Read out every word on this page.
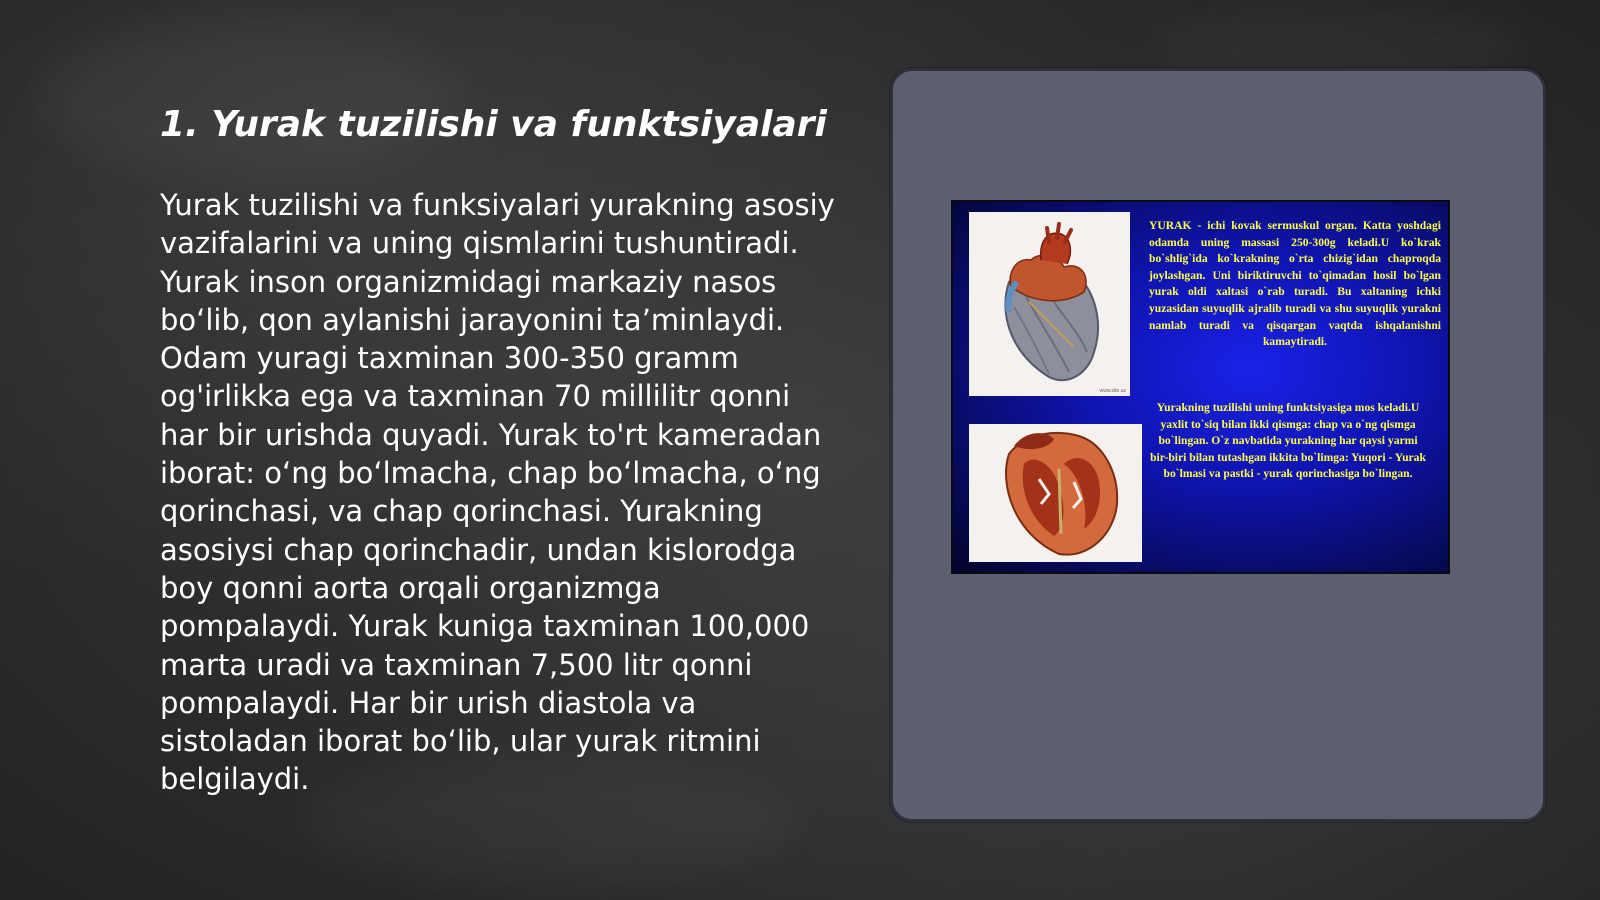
1. Yurak tuzilishi va funktsiyalari

Yurak tuzilishi va funksiyalari yurakning asosiy vazifalarini va uning qismlarini tushuntiradi. Yurak inson organizmidagi markaziy nasos bo‘lib, qon aylanishi jarayonini ta’minlaydi. Odam yuragi taxminan 300-350 gramm og'irlikka ega va taxminan 70 millilitr qonni har bir urishda quyadi. Yurak to'rt kameradan iborat: o‘ng bo‘lmacha, chap bo‘lmacha, o‘ng qorinchasi, va chap qorinchasi. Yurakning asosiysi chap qorinchadir, undan kislorodga boy qonni aorta orqali organizmga pompalaydi. Yurak kuniga taxminan 100,000 marta uradi va taxminan 7,500 litr qonni pompalaydi. Har bir urish diastola va sistoladan iborat bo‘lib, ular yurak ritmini belgilaydi.

www.site.uz

YURAK - ichi kovak sermuskul organ. Katta yoshdagi odamda uning massasi 250-300g keladi.U ko`krak bo`shlig`ida ko`krakning o`rta chizig`idan chaproqda joylashgan. Uni biriktiruvchi to`qimadan hosil bo`lgan yurak oldi xaltasi o`rab turadi. Bu xaltaning ichki yuzasidan suyuqlik ajralib turadi va shu suyuqlik yurakni namlab turadi va qisqargan vaqtda ishqalanishni kamaytiradi.

Yurakning tuzilishi uning funktsiyasiga mos keladi.U yaxlit to`siq bilan ikki qismga: chap va o`ng qismga bo`lingan. O`z navbatida yurakning har qaysi yarmi bir-biri bilan tutashgan ikkita bo`limga: Yuqori - Yurak bo`lmasi va pastki - yurak qorinchasiga bo`lingan.
